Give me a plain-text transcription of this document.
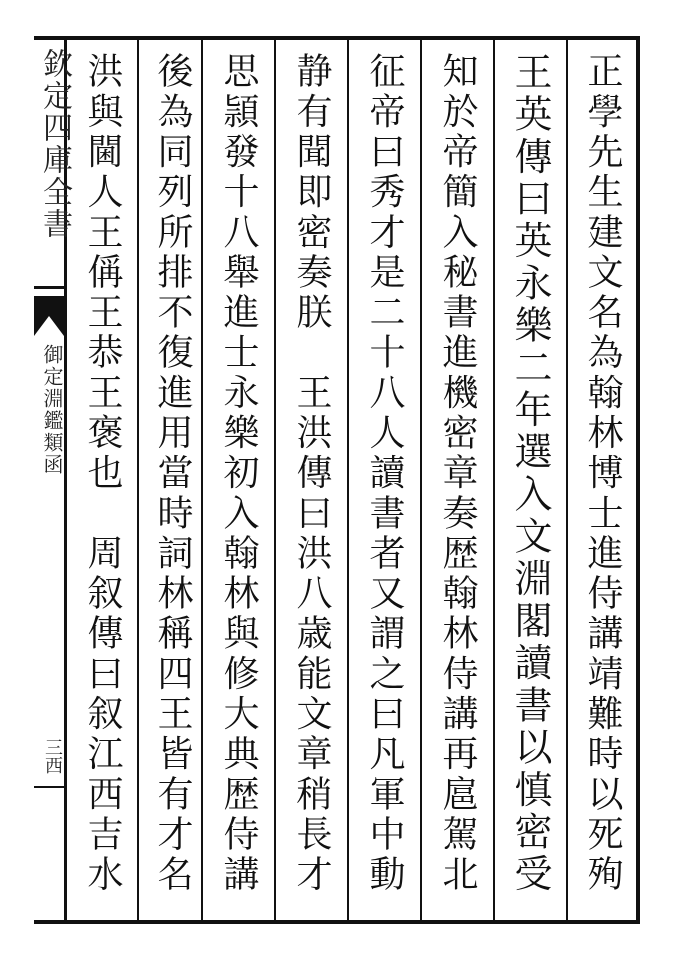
欽定四庫全書
御定淵鑑類函
三西	正學先生建文名為翰林博士進侍講靖難時以死殉
王英傳曰英永樂二年選入文淵閣讀書以慎密受
知於帝簡入秘書進機密章奏歴翰林侍講再扈駕北
征帝曰秀才是二十八人讀書者又謂之曰凡軍中動
静有聞即密奏朕　王洪傳曰洪八歳能文章稍長才
思頴發十八舉進士永樂初入翰林與修大典歴侍講
後為同列所排不復進用當時詞林稱四王皆有才名
洪與閫人王偁王恭王褒也　周叙傳曰叙江西吉水
